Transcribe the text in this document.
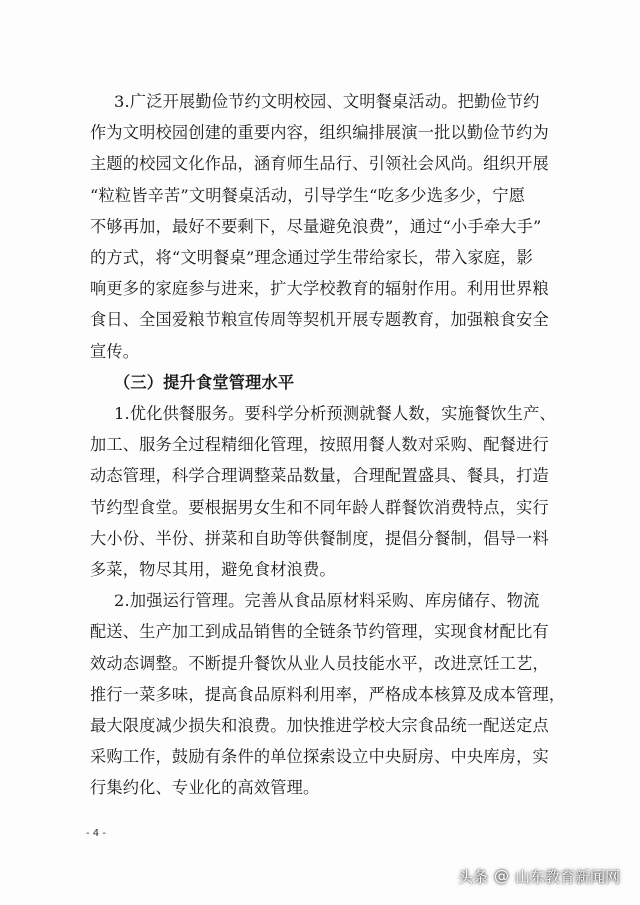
3.广泛开展勤俭节约文明校园、文明餐桌活动。把勤俭节约
作为文明校园创建的重要内容，组织编排展演一批以勤俭节约为
主题的校园文化作品，涵育师生品行、引领社会风尚。组织开展
“粒粒皆辛苦”文明餐桌活动，引导学生“吃多少选多少，宁愿
不够再加，最好不要剩下，尽量避免浪费”，通过“小手牵大手”
的方式，将“文明餐桌”理念通过学生带给家长，带入家庭，影
响更多的家庭参与进来，扩大学校教育的辐射作用。利用世界粮
食日、全国爱粮节粮宣传周等契机开展专题教育，加强粮食安全
宣传。
（三）提升食堂管理水平
1.优化供餐服务。要科学分析预测就餐人数，实施餐饮生产、
加工、服务全过程精细化管理，按照用餐人数对采购、配餐进行
动态管理，科学合理调整菜品数量，合理配置盛具、餐具，打造
节约型食堂。要根据男女生和不同年龄人群餐饮消费特点，实行
大小份、半份、拼菜和自助等供餐制度，提倡分餐制，倡导一料
多菜，物尽其用，避免食材浪费。
2.加强运行管理。完善从食品原材料采购、库房储存、物流
配送、生产加工到成品销售的全链条节约管理，实现食材配比有
效动态调整。不断提升餐饮从业人员技能水平，改进烹饪工艺，
推行一菜多味，提高食品原料利用率，严格成本核算及成本管理，
最大限度减少损失和浪费。加快推进学校大宗食品统一配送定点
采购工作，鼓励有条件的单位探索设立中央厨房、中央库房，实
行集约化、专业化的高效管理。
- 4 -
头条 @ 山东教育新闻网
